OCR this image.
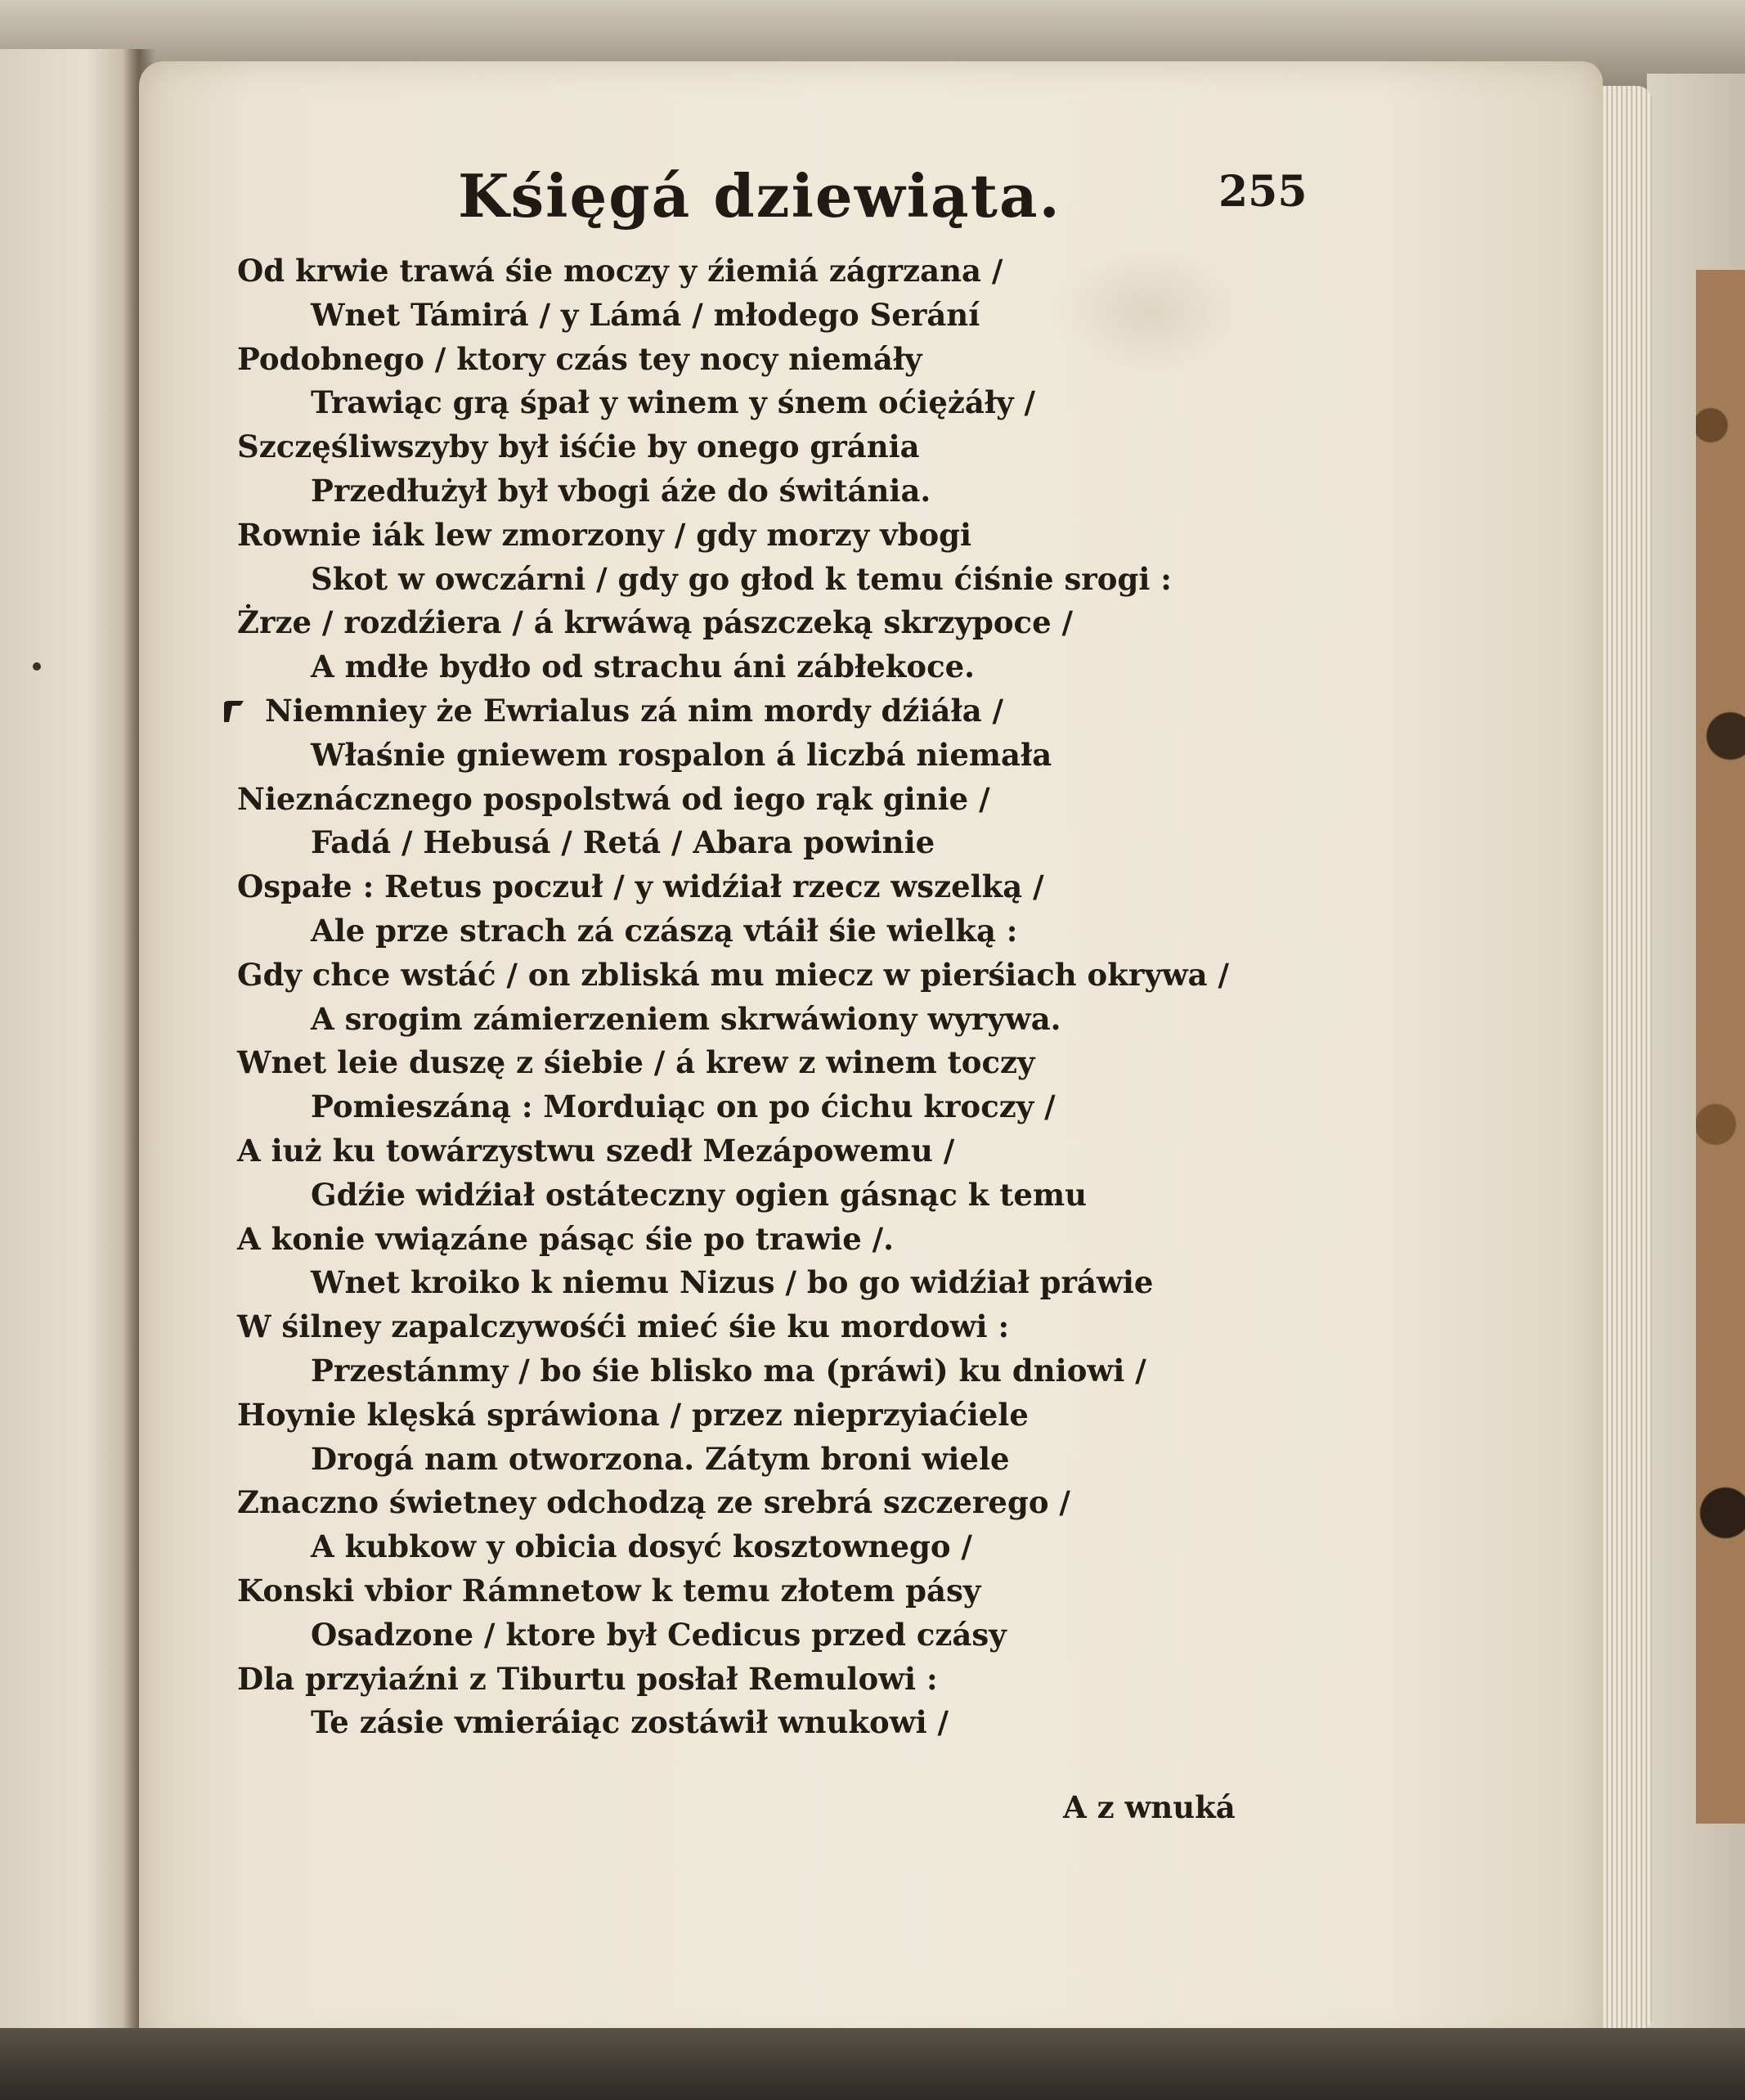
Kśięgá dziewiąta.	255
Od krwie trawá śie moczy y źiemiá zágrzana /
Wnet Támirá / y Lámá / młodego Serání
Podobnego / ktory czás tey nocy niemáły
Trawiąc grą śpał y winem y śnem oćiężáły /
Szczęśliwszyby był iśćie by onego gránia
Przedłużył był vbogi áże do świtánia.
Rownie iák lew zmorzony / gdy morzy vbogi
Skot w owczárni / gdy go głod k temu ćiśnie srogi :
Żrze / rozdźiera / á krwáwą pászczeką skrzypoce /
A mdłe bydło od strachu áni zábłekoce.
Niemniey że Ewrialus zá nim mordy dźiáła /
Właśnie gniewem rospalon á liczbá niemała
Nieznácznego pospolstwá od iego rąk ginie /
Fadá / Hebusá / Retá / Abara powinie
Ospałe : Retus poczuł / y widźiał rzecz wszelką /
Ale prze strach zá czászą vtáił śie wielką :
Gdy chce wstáć / on zbliská mu miecz w pierśiach okrywa /
A srogim zámierzeniem skrwáwiony wyrywa.
Wnet leie duszę z śiebie / á krew z winem toczy
Pomieszáną : Morduiąc on po ćichu kroczy /
A iuż ku towárzystwu szedł Mezápowemu /
Gdźie widźiał ostáteczny ogien gásnąc k temu
A konie vwiązáne pásąc śie po trawie /.
Wnet kroiko k niemu Nizus / bo go widźiał práwie
W śilney zapalczywośći mieć śie ku mordowi :
Przestánmy / bo śie blisko ma (práwi) ku dniowi /
Hoynie klęská spráwiona / przez nieprzyiaćiele
Drogá nam otworzona. Zátym broni wiele
Znaczno świetney odchodzą ze srebrá szczerego /
A kubkow y obicia dosyć kosztownego /
Konski vbior Rámnetow k temu złotem pásy
Osadzone / ktore był Cedicus przed czásy
Dla przyiaźni z Tiburtu posłał Remulowi :
Te zásie vmieráiąc zostáwił wnukowi /
A z wnuká
